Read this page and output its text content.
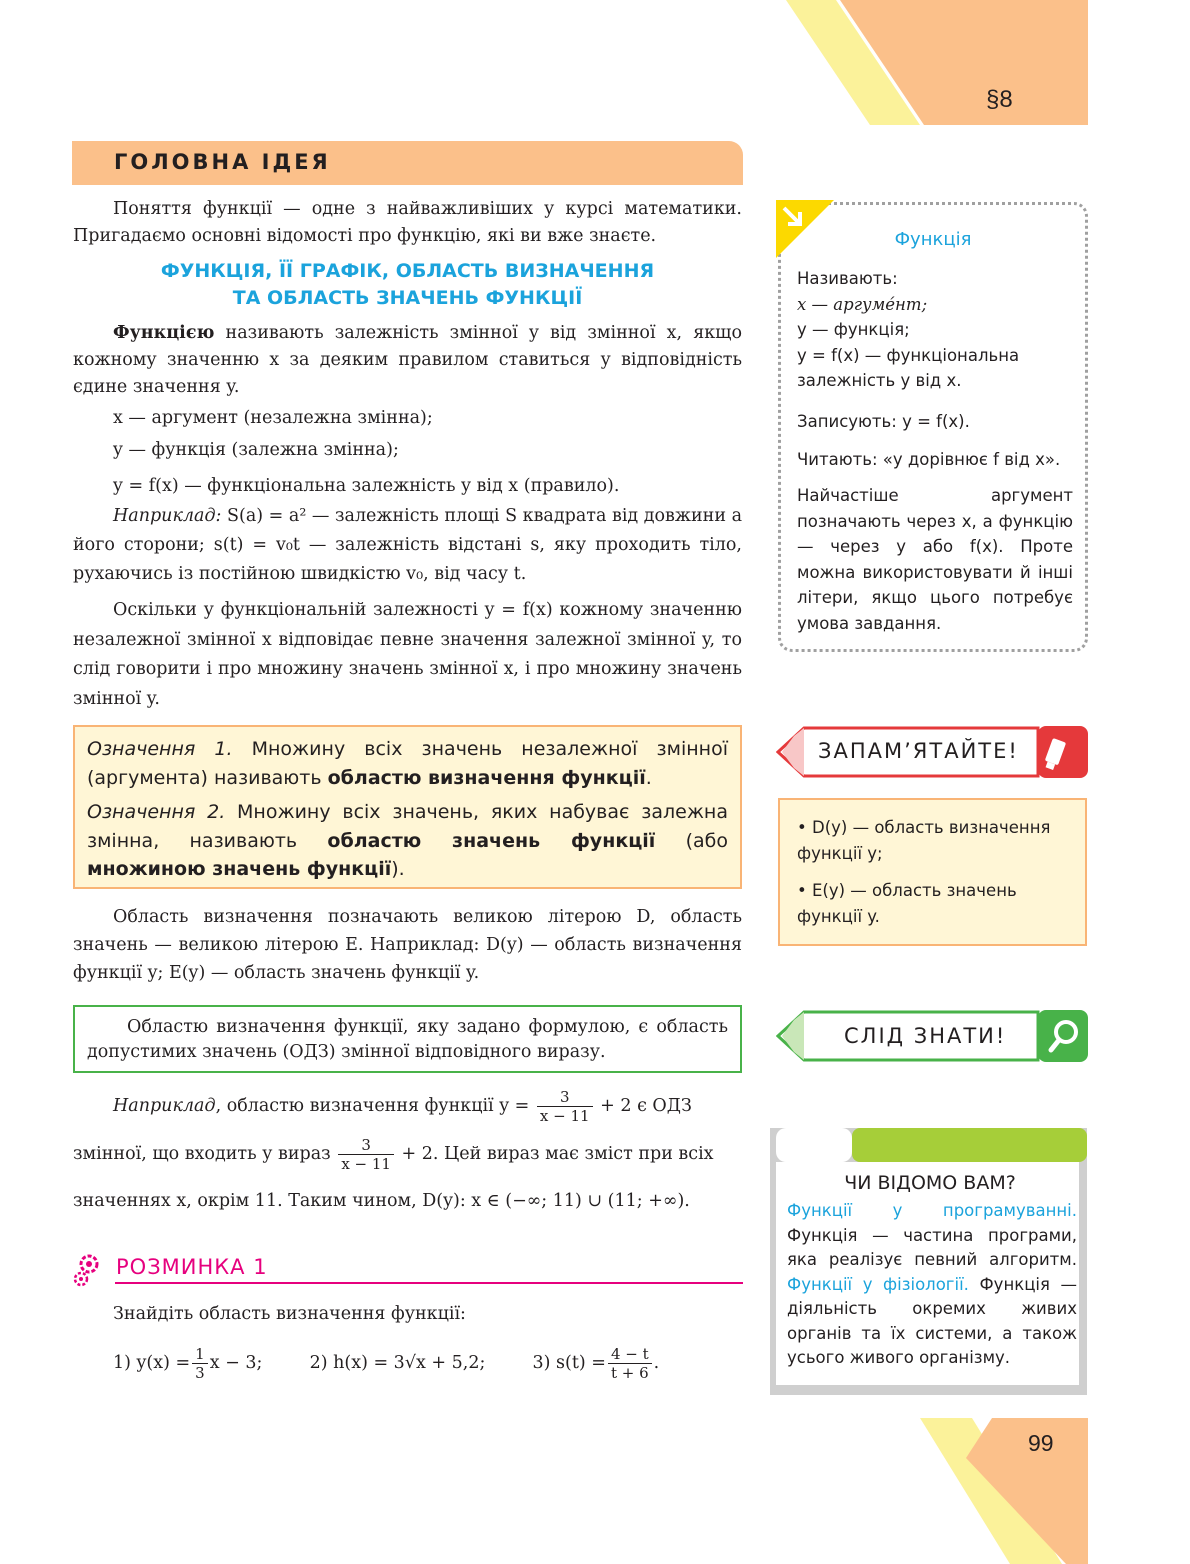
§8
ГОЛОВНА ІДЕЯ

Поняття функції — одне з найважливіших у курсі математики. Пригадаємо основні відомості про функцію, які ви вже знаєте.

ФУНКЦІЯ, ЇЇ ГРАФІК, ОБЛАСТЬ ВИЗНАЧЕННЯ
ТА ОБЛАСТЬ ЗНАЧЕНЬ ФУНКЦІЇ

Функцією називають залежність змінної y від змінної x, якщо кожному значенню x за деяким правилом ставиться у відповідність єдине значення y.

x — аргумент (незалежна змінна);
y — функція (залежна змінна);
y = f(x) — функціональна залежність y від x (правило).

Наприклад: S(a) = a² — залежність площі S квадрата від довжини a його сторони; s(t) = v₀t — залежність відстані s, яку проходить тіло, рухаючись із постійною швидкістю v₀, від часу t.

Оскільки у функціональній залежності y = f(x) кожному значенню незалежної змінної x відповідає певне значення залежної змінної y, то слід говорити і про множину значень змінної x, і про множину значень змінної y.

Означення 1. Множину всіх значень незалежної змінної (аргумента) називають областю визначення функції.

Означення 2. Множину всіх значень, яких набуває залежна змінна, називають областю значень функції (або множиною значень функції).

Область визначення позначають великою літерою D, область значень — великою літерою E. Наприклад: D(y) — область визначення функції y; E(y) — область значень функції y.

Областю визначення функції, яку задано формулою, є область допустимих значень (ОДЗ) змінної відповідного виразу.
Наприклад, областю визначення функції $y = \frac{3}{x - 11} + 2$ є ОДЗ
змінної, що входить у вираз $\frac{3}{x - 11} + 2$. Цей вираз має зміст при всіх
значеннях x, окрім 11. Таким чином, D(y): x ∈ (−∞; 11) ∪ (11; +∞).
РОЗМИНКА 1
Знайдіть область визначення функції:
1) $y(x) = \frac{1}{3}$ x − 3;	2) h(x) = 3√x + 5,2;	3) $s(t) = \frac{4 - t}{t + 6}$ .
Функція
Називають:
x — аргуме́нт;
y — функція;
y = f(x) — функціональна залежність y від x.
Записують: y = f(x).
Читають: «y дорівнює f від x».
Найчастіше аргумент позначають через x, а функцію — через y або f(x). Проте можна використовувати й інші літери, якщо цього потребує умова завдання.
ЗАПАМ’ЯТАЙТЕ!
• D(y) — область визначення функції y;
• E(y) — область значень функції y.
СЛІД ЗНАТИ!
ЧИ ВІДОМО ВАМ?
Функції у програмуванні. Функція — частина програми, яка реалізує певний алгоритм. Функції у фізіології. Функція — діяльність окремих живих органів та їх системи, а також усього живого організму.
99
